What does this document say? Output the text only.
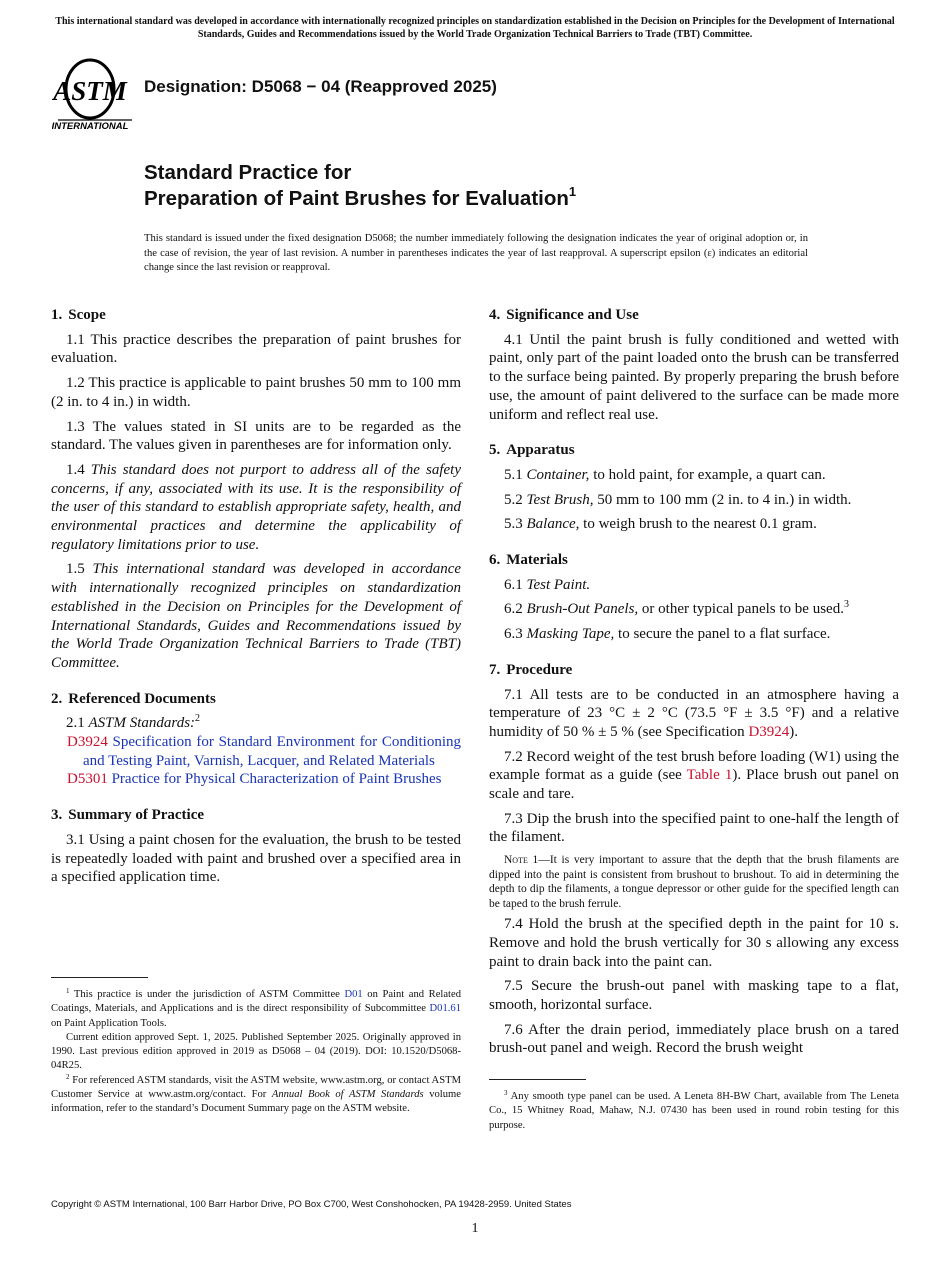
This international standard was developed in accordance with internationally recognized principles on standardization established in the Decision on Principles for the Development of International Standards, Guides and Recommendations issued by the World Trade Organization Technical Barriers to Trade (TBT) Committee.
ASTM
INTERNATIONAL
Designation: D5068 − 04 (Reapproved 2025)
Standard Practice for
Preparation of Paint Brushes for Evaluation$^1$
This standard is issued under the fixed designation D5068; the number immediately following the designation indicates the year of original adoption or, in the case of revision, the year of last revision. A number in parentheses indicates the year of last reapproval. A superscript epsilon (ε) indicates an editorial change since the last revision or reapproval.
1. Scope

1.1 This practice describes the preparation of paint brushes for evaluation.

1.2 This practice is applicable to paint brushes 50 mm to 100 mm (2 in. to 4 in.) in width.

1.3 The values stated in SI units are to be regarded as the standard. The values given in parentheses are for information only.

1.4 This standard does not purport to address all of the safety concerns, if any, associated with its use. It is the responsibility of the user of this standard to establish appropriate safety, health, and environmental practices and determine the applicability of regulatory limitations prior to use.

1.5 This international standard was developed in accordance with internationally recognized principles on standardization established in the Decision on Principles for the Development of International Standards, Guides and Recommendations issued by the World Trade Organization Technical Barriers to Trade (TBT) Committee.

2. Referenced Documents
2.1 ASTM Standards:$^2$

D3924 Specification for Standard Environment for Conditioning and Testing Paint, Varnish, Lacquer, and Related Materials

D5301 Practice for Physical Characterization of Paint Brushes

3. Summary of Practice

3.1 Using a paint chosen for the evaluation, the brush to be tested is repeatedly loaded with paint and brushed over a specified area in a specified application time.

4. Significance and Use

4.1 Until the paint brush is fully conditioned and wetted with paint, only part of the paint loaded onto the brush can be transferred to the surface being painted. By properly preparing the brush before use, the amount of paint delivered to the surface can be made more uniform and reflect real use.

5. Apparatus

5.1 Container, to hold paint, for example, a quart can.

5.2 Test Brush, 50 mm to 100 mm (2 in. to 4 in.) in width.

5.3 Balance, to weigh brush to the nearest 0.1 gram.

6. Materials

6.1 Test Paint.

6.2 Brush-Out Panels, or other typical panels to be used.$^3$

6.3 Masking Tape, to secure the panel to a flat surface.

7. Procedure

7.1 All tests are to be conducted in an atmosphere having a temperature of 23 °C ± 2 °C (73.5 °F ± 3.5 °F) and a relative humidity of 50 % ± 5 % (see Specification D3924).

7.2 Record weight of the test brush before loading (W1) using the example format as a guide (see Table 1). Place brush out panel on scale and tare.

7.3 Dip the brush into the specified paint to one-half the length of the filament.

Note 1—It is very important to assure that the depth that the brush filaments are dipped into the paint is consistent from brushout to brushout. To aid in determining the depth to dip the filaments, a tongue depressor or other guide for the specified length can be taped to the brush ferrule.

7.4 Hold the brush at the specified depth in the paint for 10 s. Remove and hold the brush vertically for 30 s allowing any excess paint to drain back into the paint can.

7.5 Secure the brush-out panel with masking tape to a flat, smooth, horizontal surface.

7.6 After the drain period, immediately place brush on a tared brush-out panel and weigh. Record the brush weight

$^1$ This practice is under the jurisdiction of ASTM Committee D01 on Paint and Related Coatings, Materials, and Applications and is the direct responsibility of Subcommittee D01.61 on Paint Application Tools.

Current edition approved Sept. 1, 2025. Published September 2025. Originally approved in 1990. Last previous edition approved in 2019 as D5068 – 04 (2019). DOI: 10.1520/D5068-04R25.

$^2$ For referenced ASTM standards, visit the ASTM website, www.astm.org, or contact ASTM Customer Service at www.astm.org/contact. For Annual Book of ASTM Standards volume information, refer to the standard’s Document Summary page on the ASTM website.

$^3$ Any smooth type panel can be used. A Leneta 8H-BW Chart, available from The Leneta Co., 15 Whitney Road, Mahaw, N.J. 07430 has been used in round robin testing for this purpose.

Copyright © ASTM International, 100 Barr Harbor Drive, PO Box C700, West Conshohocken, PA 19428-2959. United States
1
